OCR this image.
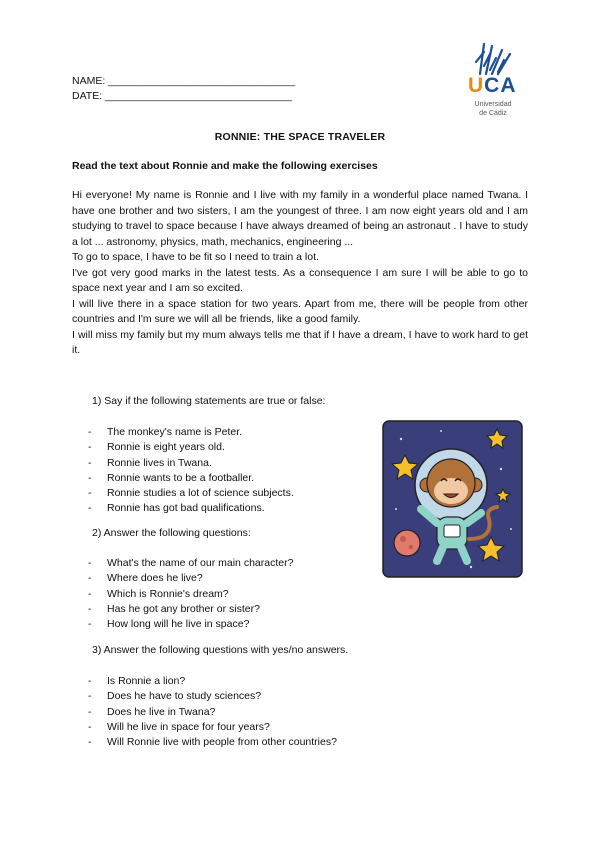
NAME: ________________________________
DATE: ________________________________	UCA
Universidad
de Cádiz
RONNIE: THE SPACE TRAVELER
Read the text about Ronnie and make the following exercises

Hi everyone! My name is Ronnie and I live with my family in a wonderful place named Twana. I have one brother and two sisters, I am the youngest of three. I am now eight years old and I am studying to travel to space because I have always dreamed of being an astronaut . I have to study a lot ... astronomy, physics, math, mechanics, engineering ...

To go to space, I have to be fit so I need to train a lot.

I've got very good marks in the latest tests. As a consequence I am sure I will be able to go to space next year and I am so excited.

I will live there in a space station for two years. Apart from me, there will be people from other countries and I'm sure we will all be friends, like a good family.

I will miss my family but my mum always tells me that if I have a dream, I have to work hard to get it.

1) Say if the following statements are true or false:
- The monkey's name is Peter.
- Ronnie is eight years old.
- Ronnie lives in Twana.
- Ronnie wants to be a footballer.
- Ronnie studies a lot of science subjects.
- Ronnie has got bad qualifications.
2) Answer the following questions:
- What's the name of our main character?
- Where does he live?
- Which is Ronnie's dream?
- Has he got any brother or sister?
- How long will he live in space?
3) Answer the following questions with yes/no answers.
- Is Ronnie a lion?
- Does he have to study sciences?
- Does he live in Twana?
- Will he live in space for four years?
- Will Ronnie live with people from other countries?
